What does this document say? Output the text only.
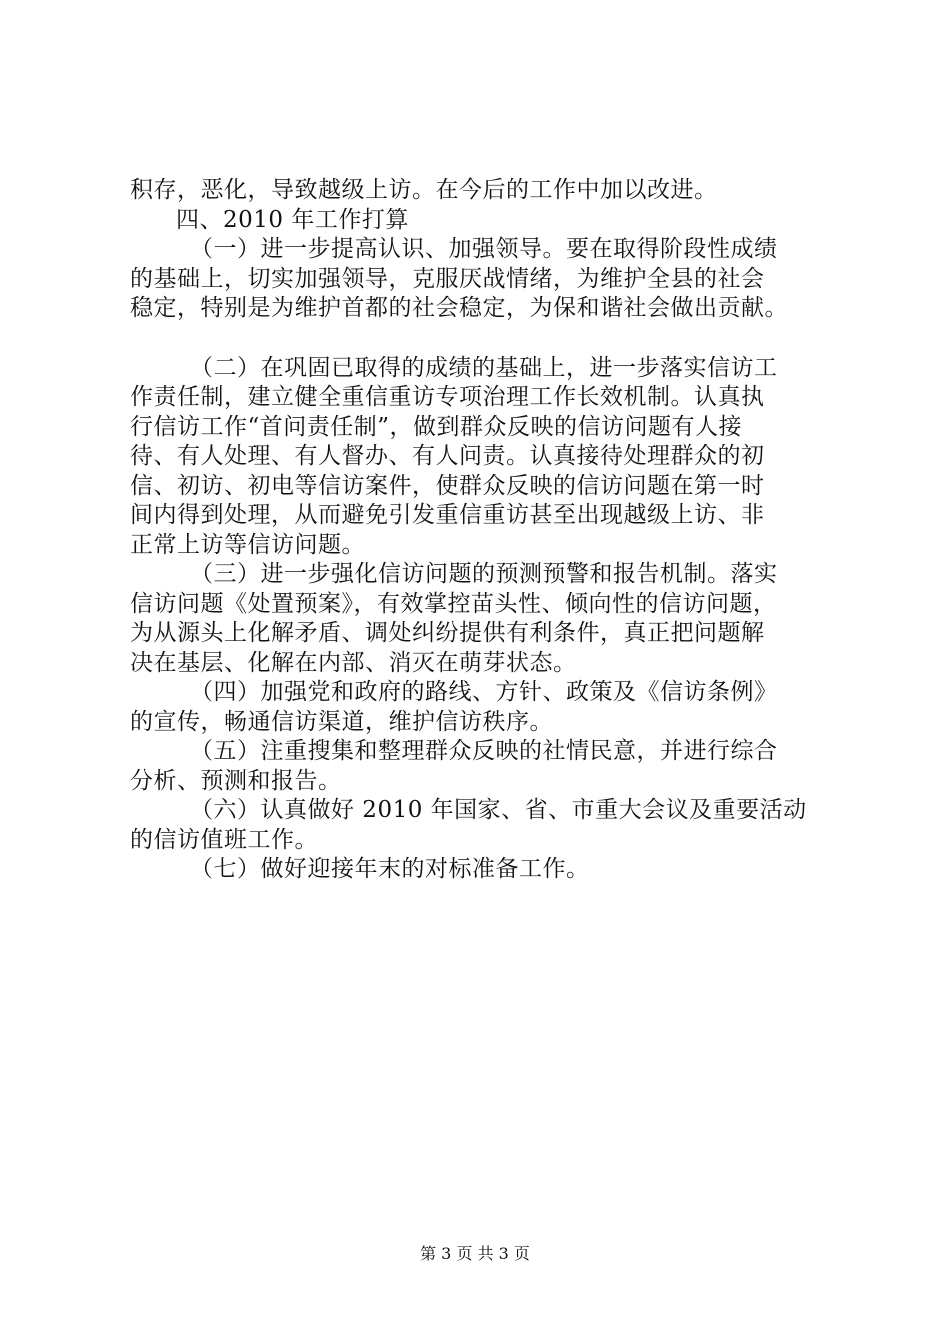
积存，恶化，导致越级上访。在今后的工作中加以改进。
四、2010 年工作打算
（一）进一步提高认识、加强领导。要在取得阶段性成绩
的基础上，切实加强领导，克服厌战情绪，为维护全县的社会
稳定，特别是为维护首都的社会稳定，为保和谐社会做出贡献。
（二）在巩固已取得的成绩的基础上，进一步落实信访工
作责任制，建立健全重信重访专项治理工作长效机制。认真执
行信访工作“首问责任制”，做到群众反映的信访问题有人接
待、有人处理、有人督办、有人问责。认真接待处理群众的初
信、初访、初电等信访案件，使群众反映的信访问题在第一时
间内得到处理，从而避免引发重信重访甚至出现越级上访、非
正常上访等信访问题。
（三）进一步强化信访问题的预测预警和报告机制。落实
信访问题《处置预案》，有效掌控苗头性、倾向性的信访问题，
为从源头上化解矛盾、调处纠纷提供有利条件，真正把问题解
决在基层、化解在内部、消灭在萌芽状态。
（四）加强党和政府的路线、方针、政策及《信访条例》
的宣传，畅通信访渠道，维护信访秩序。
（五）注重搜集和整理群众反映的社情民意，并进行综合
分析、预测和报告。
（六）认真做好 2010 年国家、省、市重大会议及重要活动
的信访值班工作。
（七）做好迎接年末的对标准备工作。
第 3 页 共 3 页
